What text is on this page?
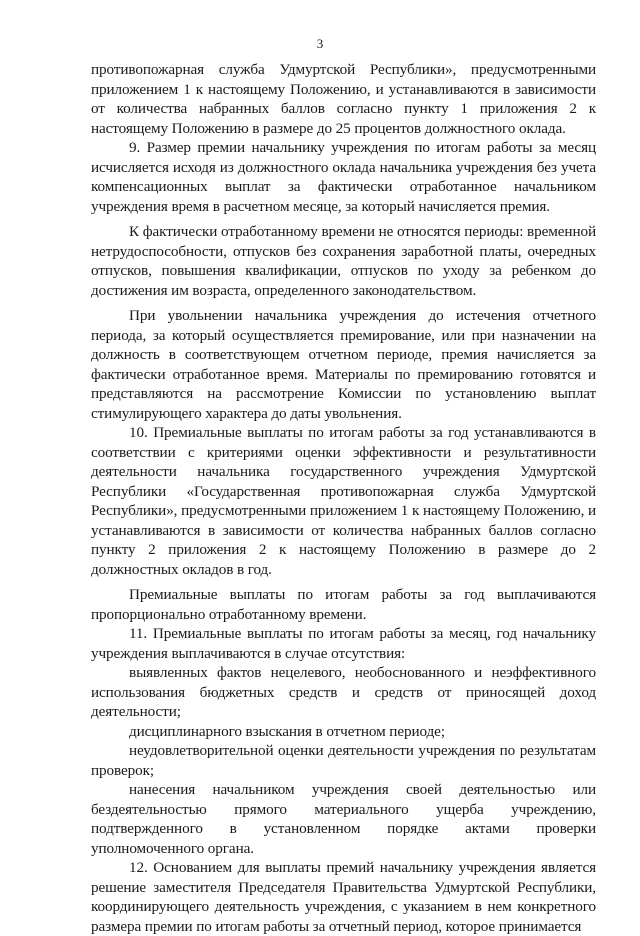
3

противопожарная служба Удмуртской Республики», предусмотренными приложением 1 к настоящему Положению, и устанавливаются в зависимости от количества набранных баллов согласно пункту 1 приложения 2 к настоящему Положению в размере до 25 процентов должностного оклада.

9. Размер премии начальнику учреждения по итогам работы за месяц исчисляется исходя из должностного оклада начальника учреждения без учета компенсационных выплат за фактически отработанное начальником учреждения время в расчетном месяце, за который начисляется премия.

К фактически отработанному времени не относятся периоды: временной нетрудоспособности, отпусков без сохранения заработной платы, очередных отпусков, повышения квалификации, отпусков по уходу за ребенком до достижения им возраста, определенного законодательством.

При увольнении начальника учреждения до истечения отчетного периода, за который осуществляется премирование, или при назначении на должность в соответствующем отчетном периоде, премия начисляется за фактически отработанное время. Материалы по премированию готовятся и представляются на рассмотрение Комиссии по установлению выплат стимулирующего характера до даты увольнения.

10. Премиальные выплаты по итогам работы за год устанавливаются в соответствии с критериями оценки эффективности и результативности деятельности начальника государственного учреждения Удмуртской Республики «Государственная противопожарная служба Удмуртской Республики», предусмотренными приложением 1 к настоящему Положению, и устанавливаются в зависимости от количества набранных баллов согласно пункту 2 приложения 2 к настоящему Положению в размере до 2 должностных окладов в год.

Премиальные выплаты по итогам работы за год выплачиваются пропорционально отработанному времени.

11. Премиальные выплаты по итогам работы за месяц, год начальнику учреждения выплачиваются в случае отсутствия:

выявленных фактов нецелевого, необоснованного и неэффективного использования бюджетных средств и средств от приносящей доход деятельности;

дисциплинарного взыскания в отчетном периоде;

неудовлетворительной оценки деятельности учреждения по результатам проверок;

нанесения начальником учреждения своей деятельностью или бездеятельностью прямого материального ущерба учреждению, подтвержденного в установленном порядке актами проверки уполномоченного органа.

12. Основанием для выплаты премий начальнику учреждения является решение заместителя Председателя Правительства Удмуртской Республики, координирующего деятельность учреждения, с указанием в нем конкретного размера премии по итогам работы за отчетный период, которое принимается
